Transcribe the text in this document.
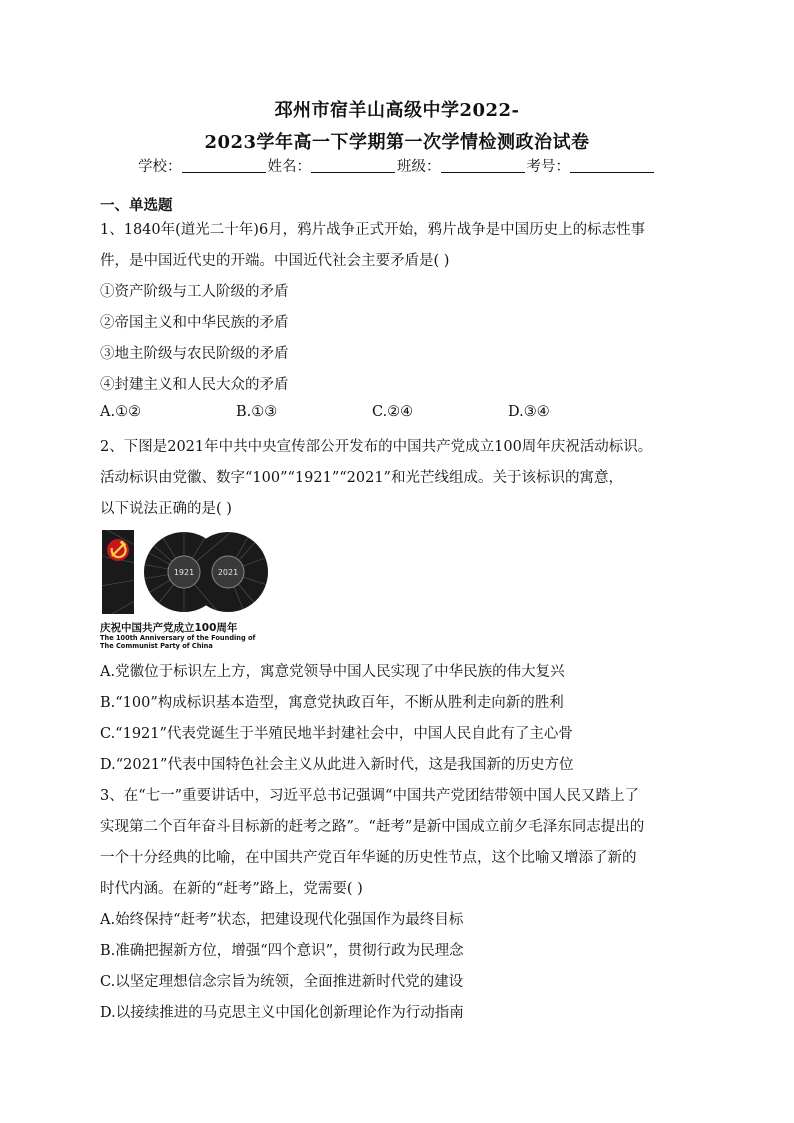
邳州市宿羊山高级中学2022-
2023学年高一下学期第一次学情检测政治试卷
学校：	姓名：	班级：	考号：
一、单选题
1、1840年(道光二十年)6月，鸦片战争正式开始，鸦片战争是中国历史上的标志性事
件，是中国近代史的开端。中国近代社会主要矛盾是( )
①资产阶级与工人阶级的矛盾
②帝国主义和中华民族的矛盾
③地主阶级与农民阶级的矛盾
④封建主义和人民大众的矛盾
A.①②	B.①③	C.②④	D.③④
2、下图是2021年中共中央宣传部公开发布的中国共产党成立100周年庆祝活动标识。
活动标识由党徽、数字“100”“1921”“2021”和光芒线组成。关于该标识的寓意，
以下说法正确的是( )
1921	2021
庆祝中国共产党成立100周年
The 100th Anniversary of the Founding of
The Communist Party of China
A.党徽位于标识左上方，寓意党领导中国人民实现了中华民族的伟大复兴
B.“100”构成标识基本造型，寓意党执政百年，不断从胜利走向新的胜利
C.“1921”代表党诞生于半殖民地半封建社会中，中国人民自此有了主心骨
D.“2021”代表中国特色社会主义从此进入新时代，这是我国新的历史方位
3、在“七一”重要讲话中，习近平总书记强调“中国共产党团结带领中国人民又踏上了
实现第二个百年奋斗目标新的赶考之路”。“赶考”是新中国成立前夕毛泽东同志提出的
一个十分经典的比喻，在中国共产党百年华诞的历史性节点，这个比喻又增添了新的
时代内涵。在新的“赶考”路上，党需要( )
A.始终保持“赶考”状态，把建设现代化强国作为最终目标
B.准确把握新方位，增强“四个意识”，贯彻行政为民理念
C.以坚定理想信念宗旨为统领，全面推进新时代党的建设
D.以接续推进的马克思主义中国化创新理论作为行动指南
